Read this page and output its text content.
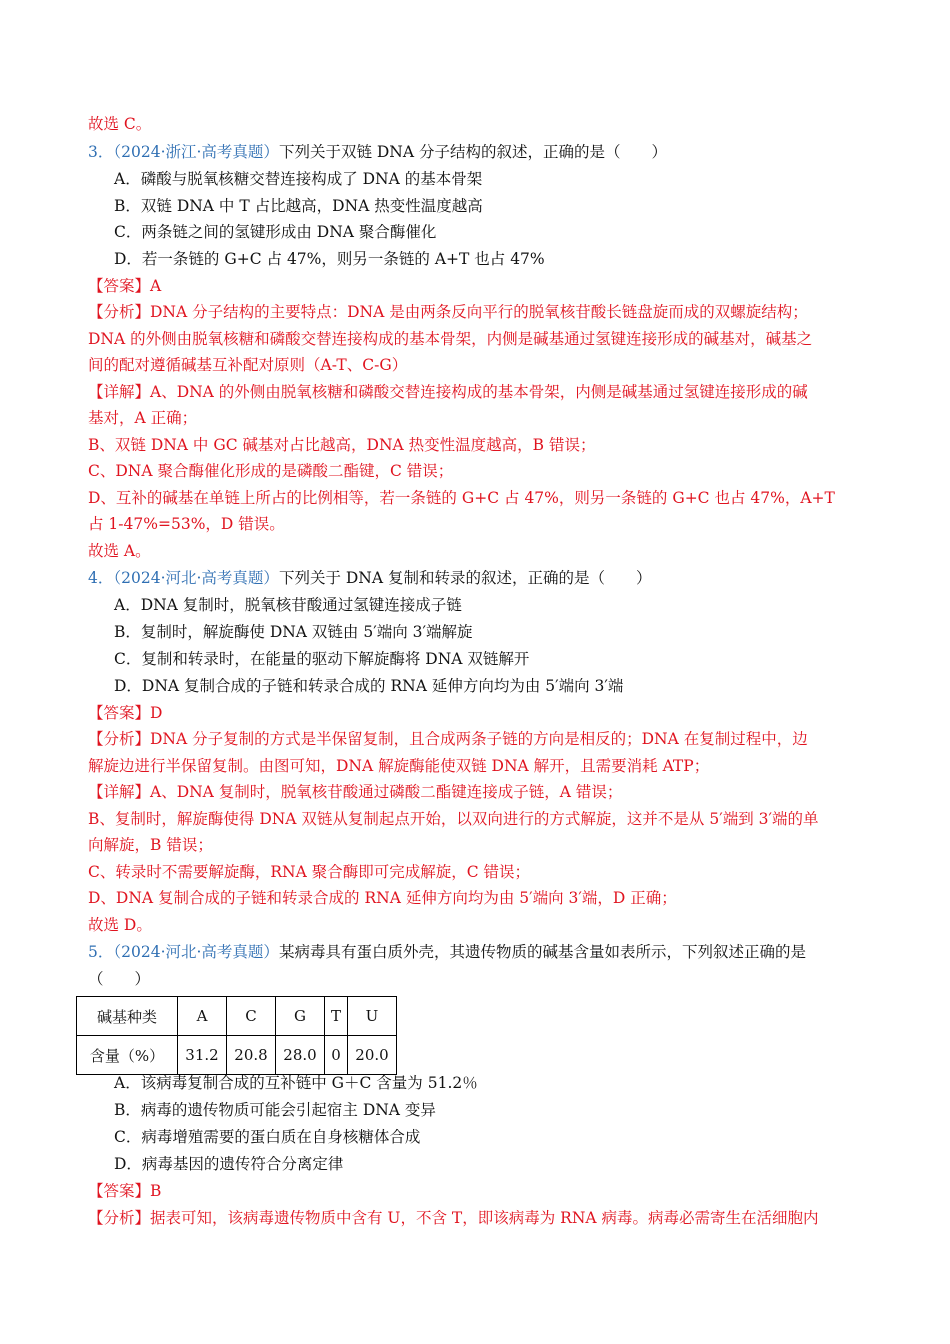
故选 C。
3．（2024·浙江·高考真题）下列关于双链 DNA 分子结构的叙述，正确的是（　　）
A．磷酸与脱氧核糖交替连接构成了 DNA 的基本骨架
B．双链 DNA 中 T 占比越高，DNA 热变性温度越高
C．两条链之间的氢键形成由 DNA 聚合酶催化
D．若一条链的 G+C 占 47%，则另一条链的 A+T 也占 47%
【答案】A
【分析】DNA 分子结构的主要特点：DNA 是由两条反向平行的脱氧核苷酸长链盘旋而成的双螺旋结构；
DNA 的外侧由脱氧核糖和磷酸交替连接构成的基本骨架，内侧是碱基通过氢键连接形成的碱基对，碱基之
间的配对遵循碱基互补配对原则（A-T、C-G）
【详解】A、DNA 的外侧由脱氧核糖和磷酸交替连接构成的基本骨架，内侧是碱基通过氢键连接形成的碱
基对，A 正确；
B、双链 DNA 中 GC 碱基对占比越高，DNA 热变性温度越高，B 错误；
C、DNA 聚合酶催化形成的是磷酸二酯键，C 错误；
D、互补的碱基在单链上所占的比例相等，若一条链的 G+C 占 47%，则另一条链的 G+C 也占 47%，A+T
占 1-47%=53%，D 错误。
故选 A。
4．（2024·河北·高考真题）下列关于 DNA 复制和转录的叙述，正确的是（　　）
A．DNA 复制时，脱氧核苷酸通过氢键连接成子链
B．复制时，解旋酶使 DNA 双链由 5′端向 3′端解旋
C．复制和转录时，在能量的驱动下解旋酶将 DNA 双链解开
D．DNA 复制合成的子链和转录合成的 RNA 延伸方向均为由 5′端向 3′端
【答案】D
【分析】DNA 分子复制的方式是半保留复制，且合成两条子链的方向是相反的；DNA 在复制过程中，边
解旋边进行半保留复制。由图可知，DNA 解旋酶能使双链 DNA 解开，且需要消耗 ATP；
【详解】A、DNA 复制时，脱氧核苷酸通过磷酸二酯键连接成子链，A 错误；
B、复制时，解旋酶使得 DNA 双链从复制起点开始，以双向进行的方式解旋，这并不是从 5′端到 3′端的单
向解旋，B 错误；
C、转录时不需要解旋酶，RNA 聚合酶即可完成解旋，C 错误；
D、DNA 复制合成的子链和转录合成的 RNA 延伸方向均为由 5′端向 3′端，D 正确；
故选 D。
5．（2024·河北·高考真题）某病毒具有蛋白质外壳，其遗传物质的碱基含量如表所示，下列叙述正确的是
（　　）
碱基种类	A	C	G	T	U
含量（%）	31.2	20.8	28.0	0	20.0
A．该病毒复制合成的互补链中 G＋C 含量为 51.2％
B．病毒的遗传物质可能会引起宿主 DNA 变异
C．病毒增殖需要的蛋白质在自身核糖体合成
D．病毒基因的遗传符合分离定律
【答案】B
【分析】据表可知，该病毒遗传物质中含有 U，不含 T，即该病毒为 RNA 病毒。病毒必需寄生在活细胞内
